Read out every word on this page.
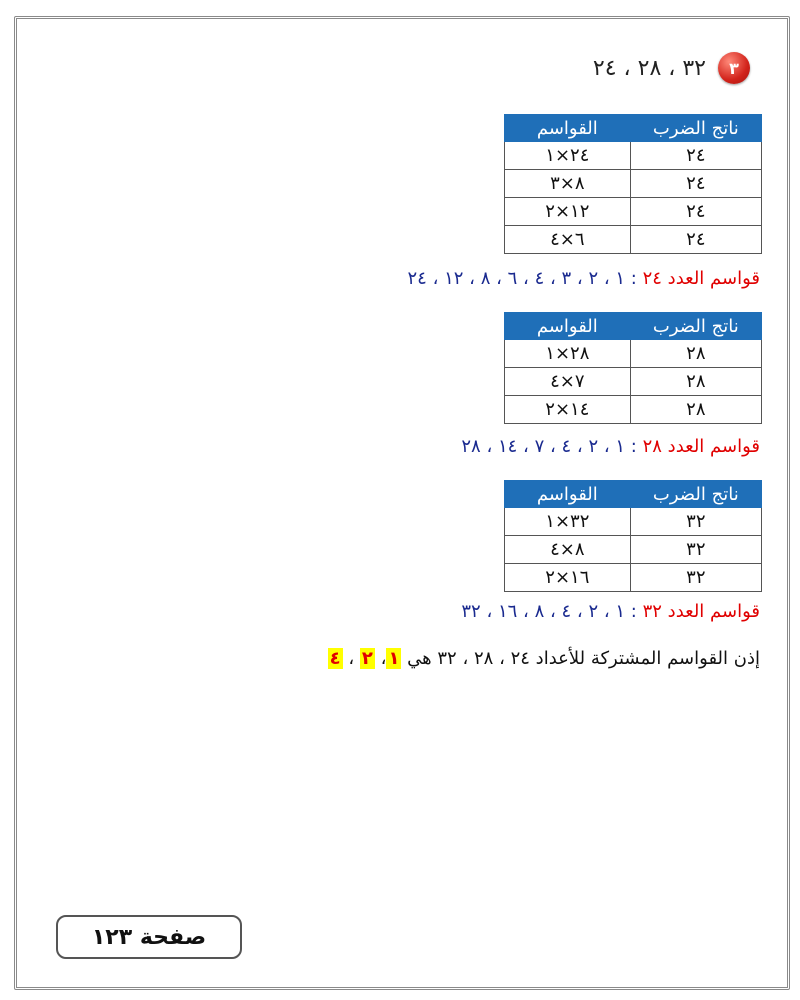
٣
٣٢ ، ٢٨ ، ٢٤
ناتج الضرب	القواسم
٢٤	٢٤×١
٢٤	٨×٣
٢٤	١٢×٢
٢٤	٦×٤
قواسم العدد ٢٤ : ١ ، ٢ ، ٣ ، ٤ ، ٦ ، ٨ ، ١٢ ، ٢٤
ناتج الضرب	القواسم
٢٨	٢٨×١
٢٨	٧×٤
٢٨	١٤×٢
قواسم العدد ٢٨ : ١ ، ٢ ، ٤ ، ٧ ، ١٤ ، ٢٨
ناتج الضرب	القواسم
٣٢	٣٢×١
٣٢	٨×٤
٣٢	١٦×٢
قواسم العدد ٣٢ : ١ ، ٢ ، ٤ ، ٨ ، ١٦ ، ٣٢
إذن القواسم المشتركة للأعداد ٢٤ ، ٢٨ ، ٣٢ هي ١، ٢ ، ٤
صفحة ١٢٣
